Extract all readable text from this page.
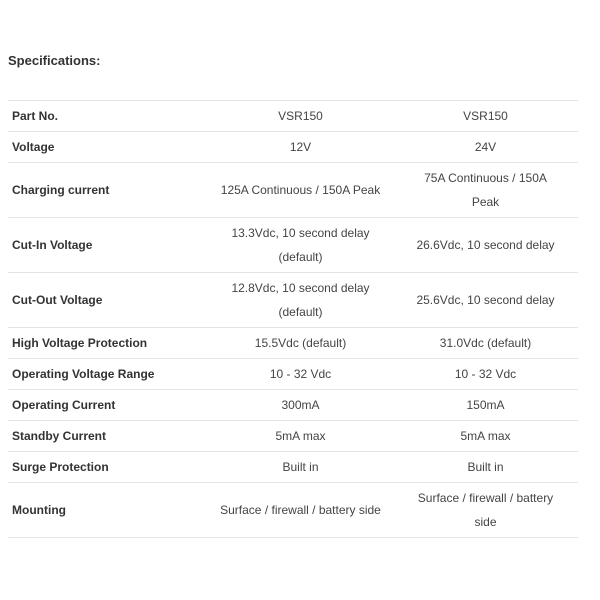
Specifications:
Part No.	VSR150	VSR150
Voltage	12V	24V
Charging current	125A Continuous / 150A Peak	75A Continuous / 150A Peak
Cut-In Voltage	13.3Vdc, 10 second delay (default)	26.6Vdc, 10 second delay
Cut-Out Voltage	12.8Vdc, 10 second delay (default)	25.6Vdc, 10 second delay
High Voltage Protection	15.5Vdc (default)	31.0Vdc (default)
Operating Voltage Range	10 - 32 Vdc	10 - 32 Vdc
Operating Current	300mA	150mA
Standby Current	5mA max	5mA max
Surge Protection	Built in	Built in
Mounting	Surface / firewall / battery side	Surface / firewall / battery side
